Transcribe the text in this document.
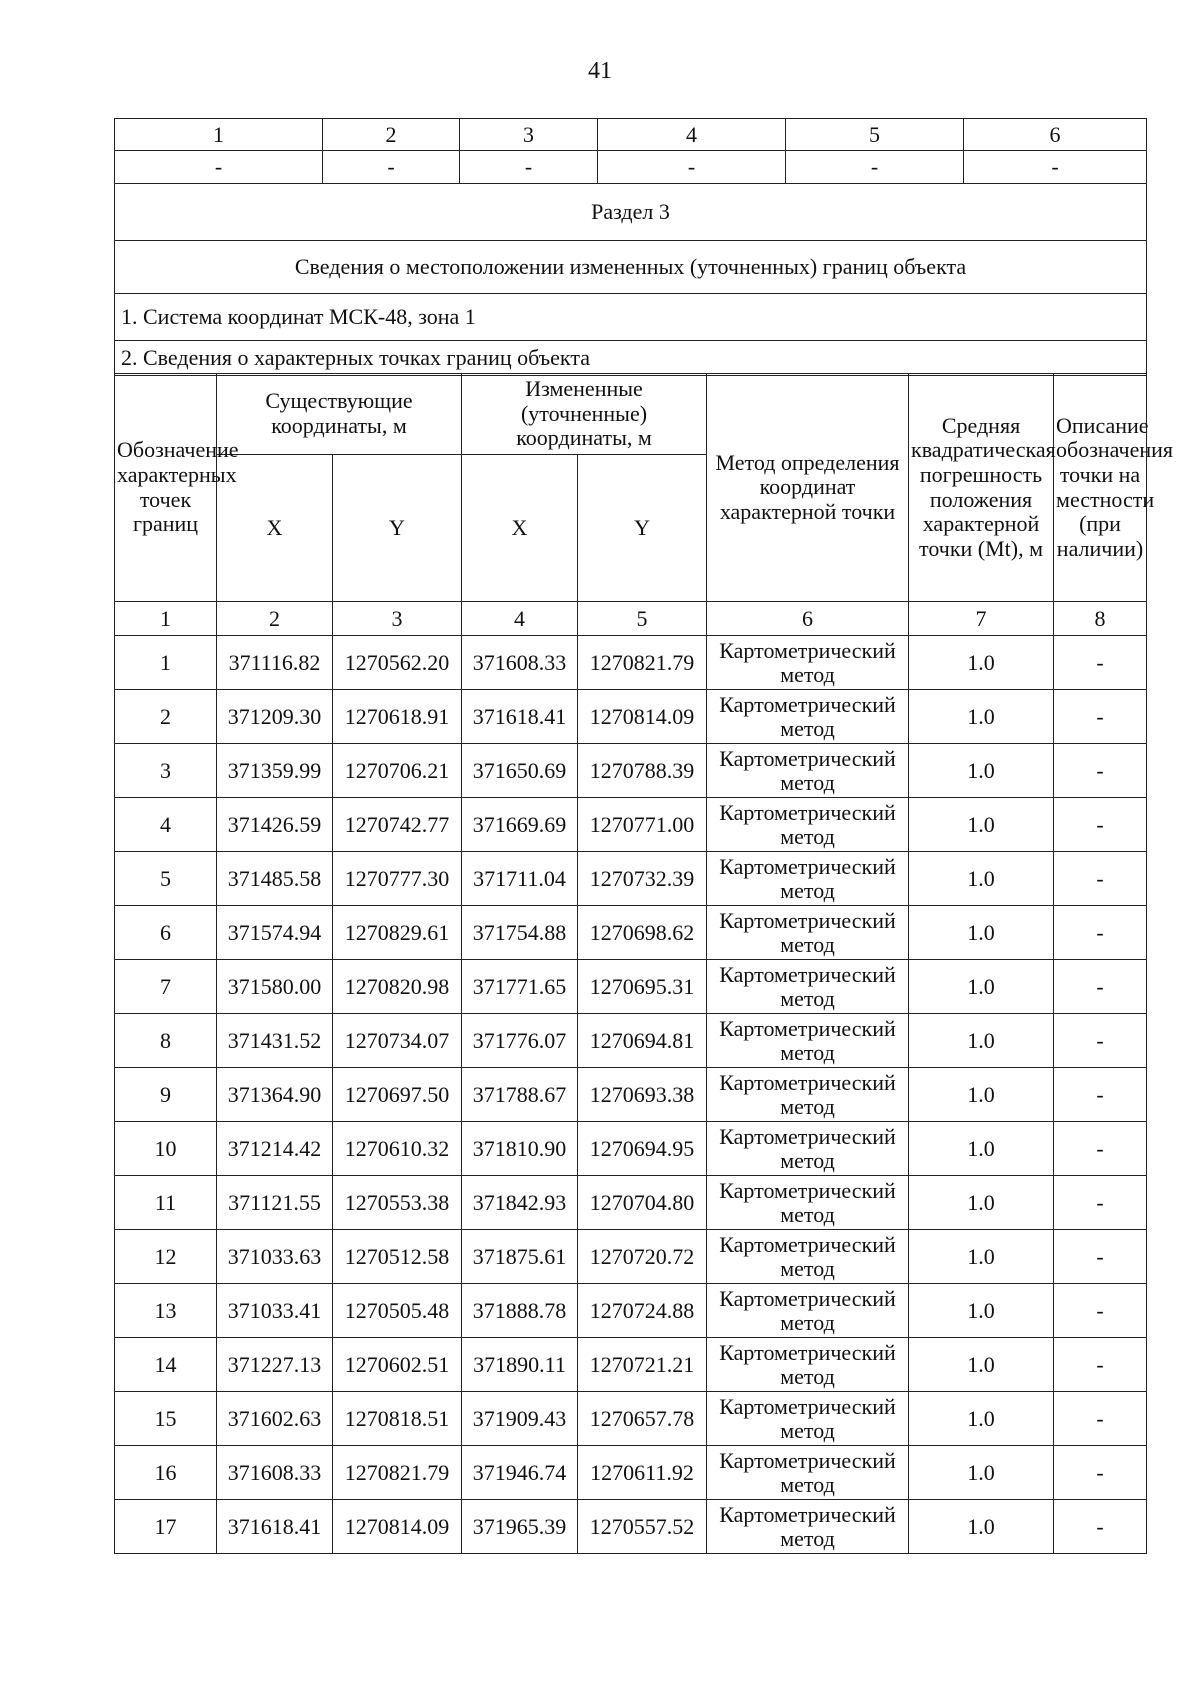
41
1	2	3	4	5	6
-	-	-	-	-	-
Раздел 3					
Сведения о местоположении измененных (уточненных) границ объекта					
1. Система координат МСК-48, зона 1					
2. Сведения о характерных точках границ объекта					
Обозначение характерных точек границ	Существующие координаты, м		Измененные (уточненные) координаты, м		Метод определения координат характерной точки	Средняя квадратическая погрешность положения характерной точки (Mt), м	Описание обозначения точки на местности (при наличии)
	X	Y	X	Y			
1	2	3	4	5	6	7	8
1	371116.82	1270562.20	371608.33	1270821.79	Картометрический метод	1.0	-
2	371209.30	1270618.91	371618.41	1270814.09	Картометрический метод	1.0	-
3	371359.99	1270706.21	371650.69	1270788.39	Картометрический метод	1.0	-
4	371426.59	1270742.77	371669.69	1270771.00	Картометрический метод	1.0	-
5	371485.58	1270777.30	371711.04	1270732.39	Картометрический метод	1.0	-
6	371574.94	1270829.61	371754.88	1270698.62	Картометрический метод	1.0	-
7	371580.00	1270820.98	371771.65	1270695.31	Картометрический метод	1.0	-
8	371431.52	1270734.07	371776.07	1270694.81	Картометрический метод	1.0	-
9	371364.90	1270697.50	371788.67	1270693.38	Картометрический метод	1.0	-
10	371214.42	1270610.32	371810.90	1270694.95	Картометрический метод	1.0	-
11	371121.55	1270553.38	371842.93	1270704.80	Картометрический метод	1.0	-
12	371033.63	1270512.58	371875.61	1270720.72	Картометрический метод	1.0	-
13	371033.41	1270505.48	371888.78	1270724.88	Картометрический метод	1.0	-
14	371227.13	1270602.51	371890.11	1270721.21	Картометрический метод	1.0	-
15	371602.63	1270818.51	371909.43	1270657.78	Картометрический метод	1.0	-
16	371608.33	1270821.79	371946.74	1270611.92	Картометрический метод	1.0	-
17	371618.41	1270814.09	371965.39	1270557.52	Картометрический метод	1.0	-
